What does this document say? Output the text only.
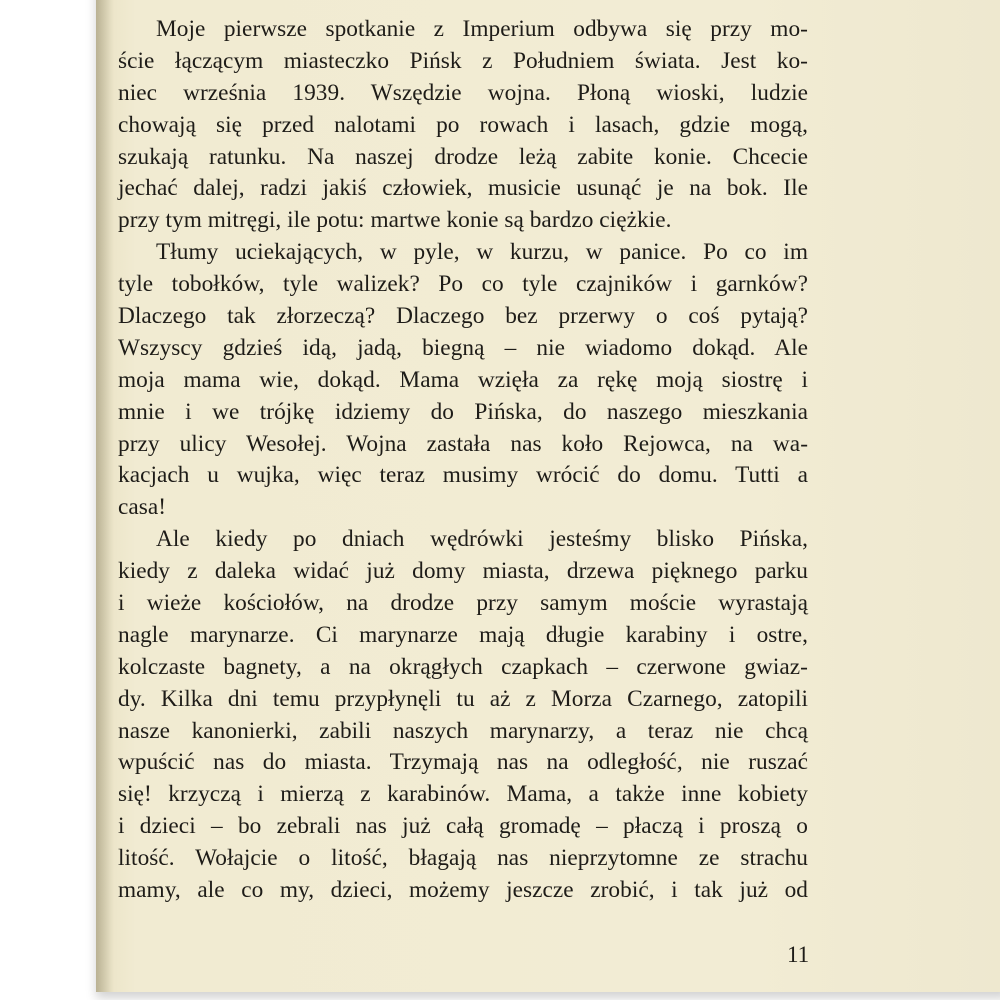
Moje pierwsze spotkanie z Imperium odbywa się przy mo-
ście łączącym miasteczko Pińsk z Południem świata. Jest ko-
niec września 1939. Wszędzie wojna. Płoną wioski, ludzie
chowają się przed nalotami po rowach i lasach, gdzie mogą,
szukają ratunku. Na naszej drodze leżą zabite konie. Chcecie
jechać dalej, radzi jakiś człowiek, musicie usunąć je na bok. Ile
przy tym mitręgi, ile potu: martwe konie są bardzo ciężkie.
Tłumy uciekających, w pyle, w kurzu, w panice. Po co im
tyle tobołków, tyle walizek? Po co tyle czajników i garnków?
Dlaczego tak złorzeczą? Dlaczego bez przerwy o coś pytają?
Wszyscy gdzieś idą, jadą, biegną – nie wiadomo dokąd. Ale
moja mama wie, dokąd. Mama wzięła za rękę moją siostrę i
mnie i we trójkę idziemy do Pińska, do naszego mieszkania
przy ulicy Wesołej. Wojna zastała nas koło Rejowca, na wa-
kacjach u wujka, więc teraz musimy wrócić do domu. Tutti a
casa!
Ale kiedy po dniach wędrówki jesteśmy blisko Pińska,
kiedy z daleka widać już domy miasta, drzewa pięknego parku
i wieże kościołów, na drodze przy samym moście wyrastają
nagle marynarze. Ci marynarze mają długie karabiny i ostre,
kolczaste bagnety, a na okrągłych czapkach – czerwone gwiaz-
dy. Kilka dni temu przypłynęli tu aż z Morza Czarnego, zatopili
nasze kanonierki, zabili naszych marynarzy, a teraz nie chcą
wpuścić nas do miasta. Trzymają nas na odległość, nie ruszać
się! krzyczą i mierzą z karabinów. Mama, a także inne kobiety
i dzieci – bo zebrali nas już całą gromadę – płaczą i proszą o
litość. Wołajcie o litość, błagają nas nieprzytomne ze strachu
mamy, ale co my, dzieci, możemy jeszcze zrobić, i tak już od
11
